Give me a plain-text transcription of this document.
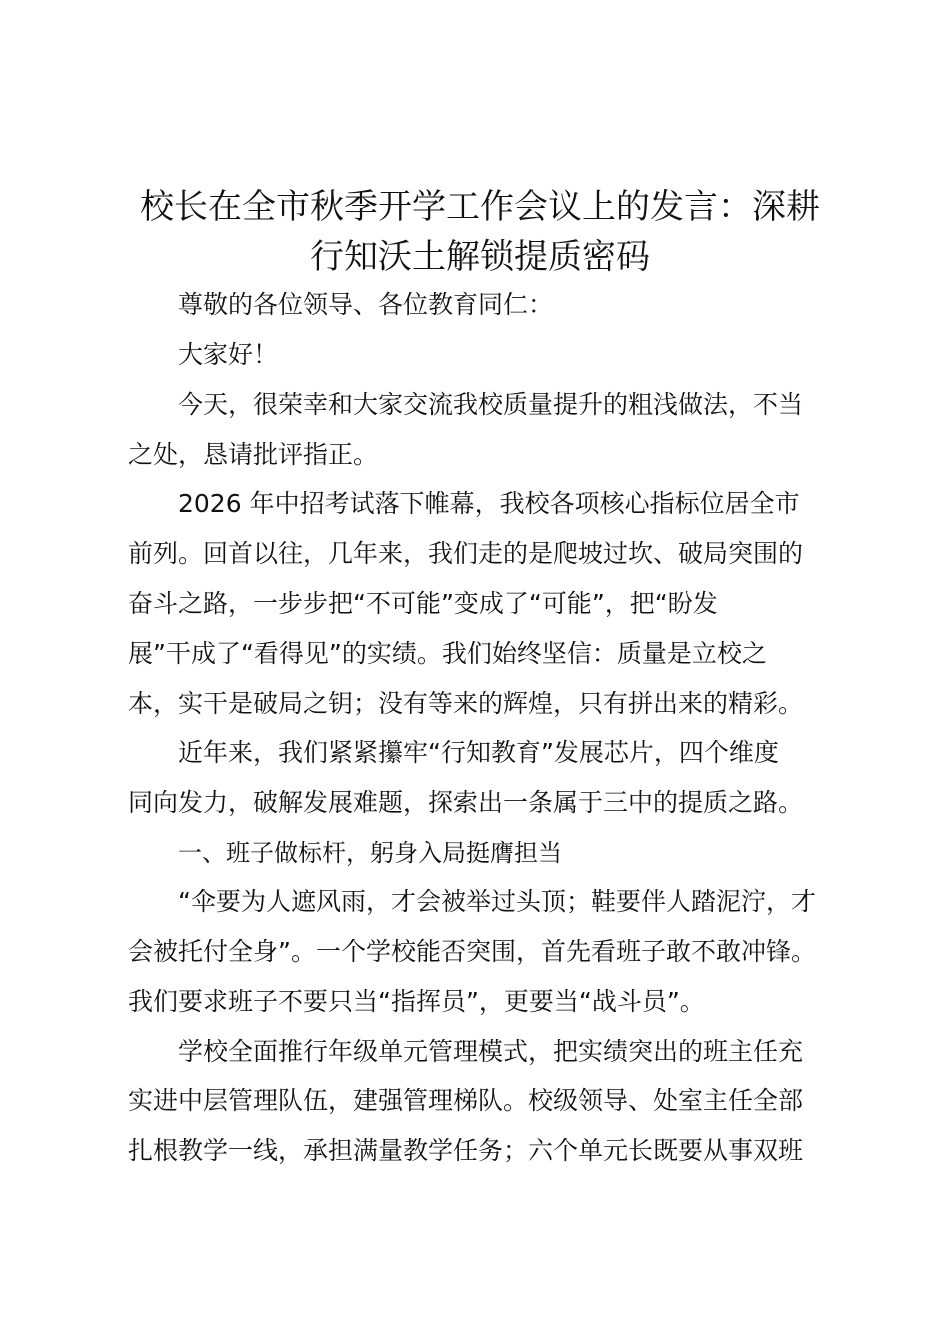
校长在全市秋季开学工作会议上的发言：深耕
行知沃土解锁提质密码
尊敬的各位领导、各位教育同仁：
大家好！
今天，很荣幸和大家交流我校质量提升的粗浅做法，不当
之处，恳请批评指正。
2026 年中招考试落下帷幕，我校各项核心指标位居全市
前列。回首以往，几年来，我们走的是爬坡过坎、破局突围的
奋斗之路，一步步把“不可能”变成了“可能”，把“盼发
展”干成了“看得见”的实绩。我们始终坚信：质量是立校之
本，实干是破局之钥；没有等来的辉煌，只有拼出来的精彩。
近年来，我们紧紧攥牢“行知教育”发展芯片，四个维度
同向发力，破解发展难题，探索出一条属于三中的提质之路。
一、班子做标杆，躬身入局挺膺担当
“伞要为人遮风雨，才会被举过头顶；鞋要伴人踏泥泞，才
会被托付全身”。一个学校能否突围，首先看班子敢不敢冲锋。
我们要求班子不要只当“指挥员”，更要当“战斗员”。
学校全面推行年级单元管理模式，把实绩突出的班主任充
实进中层管理队伍，建强管理梯队。校级领导、处室主任全部
扎根教学一线，承担满量教学任务；六个单元长既要从事双班
